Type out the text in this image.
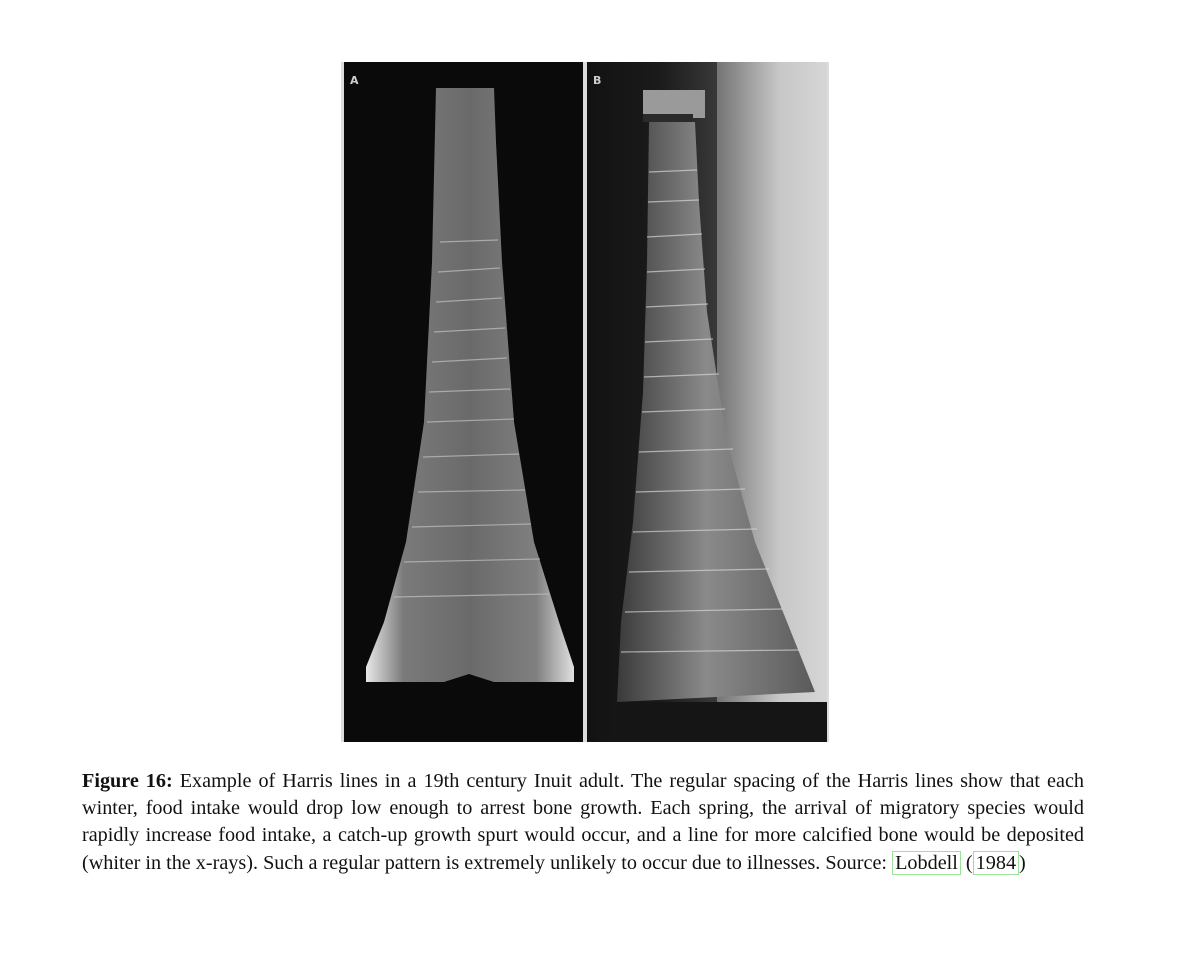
A	B
Figure 16: Example of Harris lines in a 19th century Inuit adult. The regular spacing of the Harris lines show that each winter, food intake would drop low enough to arrest bone growth. Each spring, the arrival of migratory species would rapidly increase food intake, a catch-up growth spurt would occur, and a line for more calcified bone would be deposited (whiter in the x-rays). Such a regular pattern is extremely unlikely to occur due to illnesses. Source: Lobdell ( 1984 )
